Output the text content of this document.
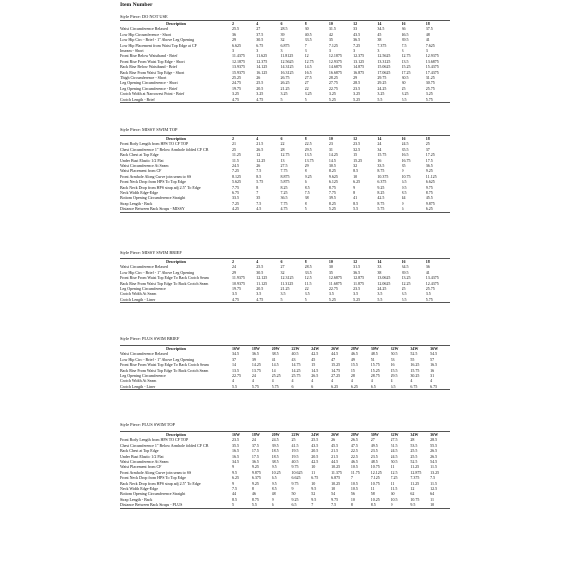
Item Number
Style Piece: DO NOT USE
Description	2	4	6	8	10	12	14	16	18
Waist Circumference Relaxed	25.5	27	28.5	30	31.5	33	34.5	36	37.5
Low Hip Circumference - Short	36	37.5	39	40.5	42	43.5	45	46.5	48
Low Hip Circ - Brief - 1" Above Leg Opening	29	30.5	32	33.5	35	36.5	38	39.5	41
Low Hip Placement from Waist Top Edge at CF	6.625	6.75	6.875	7	7.125	7.25	7.375	7.5	7.625
Inseam - Short	3	3	3	3	3	3	3	3	3
Front Rise Below Waistband - Brief	11.4375	11.625	11.8125	12	12.1875	12.375	12.5625	12.75	12.9375
Front Rise From Waist Top Edge - Short	12.1875	12.375	12.5625	12.75	12.9375	13.125	13.3125	13.5	13.6875
Back Rise Below Waistband - Brief	13.9375	14.125	14.3125	14.5	14.6875	14.875	15.0625	15.25	15.4375
Back Rise From Waist Top Edge - Short	15.9375	16.125	16.3125	16.5	16.6875	16.875	17.0625	17.25	17.4375
Thigh Circumference - Short	25.25	26	26.75	27.5	28.25	29	29.75	30.5	31.25
Leg Opening Circumference - Short	24.75	25.5	26.25	27	27.75	28.5	29.25	30	30.75
Leg Opening Circumference - Brief	19.75	20.5	21.25	22	22.75	23.5	24.25	25	25.75
Crotch Width at Narrowest Point - Brief	3.25	3.25	3.25	3.25	3.25	3.25	3.25	3.25	3.25
Crotch Length - Brief	4.75	4.75	5	5	5.25	5.25	5.5	5.5	5.75
Style Piece: MISSY SWIM TOP
Description	2	4	6	8	10	12	14	16	18
Front Body Length from HPS TO CF TOP	21	21.5	22	22.5	23	23.5	24	24.5	25
Chest Circumference 1" Below Armhole folded CF CB	25	26.5	28	29.5	31	32.5	34	35.5	37
Back Chest at Top Edge	11.25	12	12.75	13.5	14.25	15	15.75	16.5	17.25
Under Bust Elastic 1/2 Flat	11.5	12.25	13	13.75	14.5	15.25	16	16.75	17.5
Waist Circumference At Seam	24.5	26	27.5	29	30.5	32	33.5	35	36.5
Waist Placement from CF	7.25	7.5	7.75	8	8.25	8.5	8.75	9	9.25
Front Armhole Along Curve join seam to SS	8.125	8.5	8.875	9.25	9.625	10	10.375	10.75	11.125
Front Neck Drop from HPS To Top Edge	5.625	5.75	5.875	6	6.125	6.25	6.375	6.5	6.625
Back Neck Drop from HPS strap adj 2.5" To Edge	7.75	8	8.25	8.5	8.75	9	9.25	9.5	9.75
Neck Width Edge-Edge	6.75	7	7.25	7.5	7.75	8	8.25	8.5	8.75
Bottom Opening Circumference Straight	33.5	35	36.5	38	39.5	41	42.5	44	45.5
Strap Length - Back	7.25	7.5	7.75	8	8.25	8.5	8.75	9	9.875
Distance Between Back Straps - MISSY	4.25	4.5	4.75	5	5.25	5.5	5.75	6	6.25
Style Piece: MISSY SWIM BRIEF
Description	2	4	6	8	10	12	14	16	18
Waist Circumference Relaxed	24	25.5	27	28.5	30	31.5	33	34.5	36
Low Hip Circ - Brief - 1" Above Leg Opening	29	30.5	32	33.5	35	36.5	38	39.5	41
Front Rise From Waist Top Edge To Back Crotch Seam	11.9375	12.125	12.3125	12.5	12.6875	12.875	13.0625	13.25	13.4375
Back Rise From Waist Top Edge To Back Crotch Seam	10.9375	11.125	11.3125	11.5	11.6875	11.875	12.0625	12.25	12.4375
Leg Opening Circumference	19.75	20.5	21.25	22	22.75	23.5	24.25	25	25.75
Crotch Width At Seam	3.5	3.5	3.5	3.5	3.5	3.5	3.5	3.5	3.5
Crotch Length - Liner	4.75	4.75	5	5	5.25	5.25	5.5	5.5	5.75
Style Piece: PLUS SWIM BRIEF
Description	16W	18W	20W	22W	24W	26W	28W	30W	32W	34W	36W
Waist Circumference Relaxed	34.5	36.5	38.5	40.5	42.5	44.5	46.5	48.5	50.5	52.5	54.5
Low Hip Circ - Brief - 1" Above Leg Opening	37	39	41	43	45	47	49	51	53	55	57
Front Rise From Waist Top Edge To Back Crotch Seam	14	14.25	14.5	14.75	15	15.25	15.5	15.75	16	16.25	16.5
Back Rise From Waist Top Edge To Back Crotch Seam	13.5	13.75	14	14.25	14.5	14.75	15	15.25	15.5	15.75	16
Leg Opening Circumference	22.75	24	25.25	25.75	26.5	27.25	28	28.75	29.5	30.25	31
Crotch Width At Seam	4	4	4	4	4	4	4	4	4	4	4
Crotch Length - Liner	5.5	5.75	5.75	6	6	6.25	6.25	6.5	6.5	6.75	6.75
Style Piece: PLUS SWIM TOP
Description	16W	18W	20W	22W	24W	26W	28W	30W	32W	34W	36W
Front Body Length from HPS TO CF TOP	23.5	24	24.5	25	25.5	26	26.5	27	27.5	28	28.5
Chest Circumference 1" Below Armhole folded CF CB	35.5	37.5	39.5	41.5	43.5	45.5	47.5	49.5	51.5	53.5	55.5
Back Chest at Top Edge	16.5	17.5	18.5	19.5	20.5	21.5	22.5	23.5	24.5	25.5	26.5
Under Bust Elastic 1/2 Flat	16.5	17.5	18.5	19.5	20.5	21.5	22.5	23.5	24.5	25.5	26.5
Waist Circumference At Seam	34.5	36.5	38.5	40.5	42.5	44.5	46.5	48.5	50.5	52.5	54.5
Waist Placement from CF	9	9.25	9.5	9.75	10	10.25	10.5	10.75	11	11.25	11.5
Front Armhole Along Curve join seam to SS	9.5	9.875	10.25	10.625	11	11.375	11.75	12.125	12.5	12.875	13.25
Front Neck Drop from HPS To Top Edge	6.25	6.375	6.5	6.625	6.75	6.875	7	7.125	7.25	7.375	7.5
Back Neck Drop from HPS strap adj 2.5" To Edge	9	9.25	9.5	9.75	10	10.25	10.5	10.75	11	11.25	11.5
Neck Width Edge-Edge	7.5	8	8.5	9	9.5	10	10.5	11	11.5	12	12.5
Bottom Opening Circumference Straight	44	46	48	50	52	54	56	58	60	62	64
Strap Length - Back	8.5	8.75	9	9.25	9.5	9.75	10	10.25	10.5	10.75	11
Distance Between Back Straps - PLUS	5	5.5	6	6.5	7	7.5	8	8.5	9	9.5	10
